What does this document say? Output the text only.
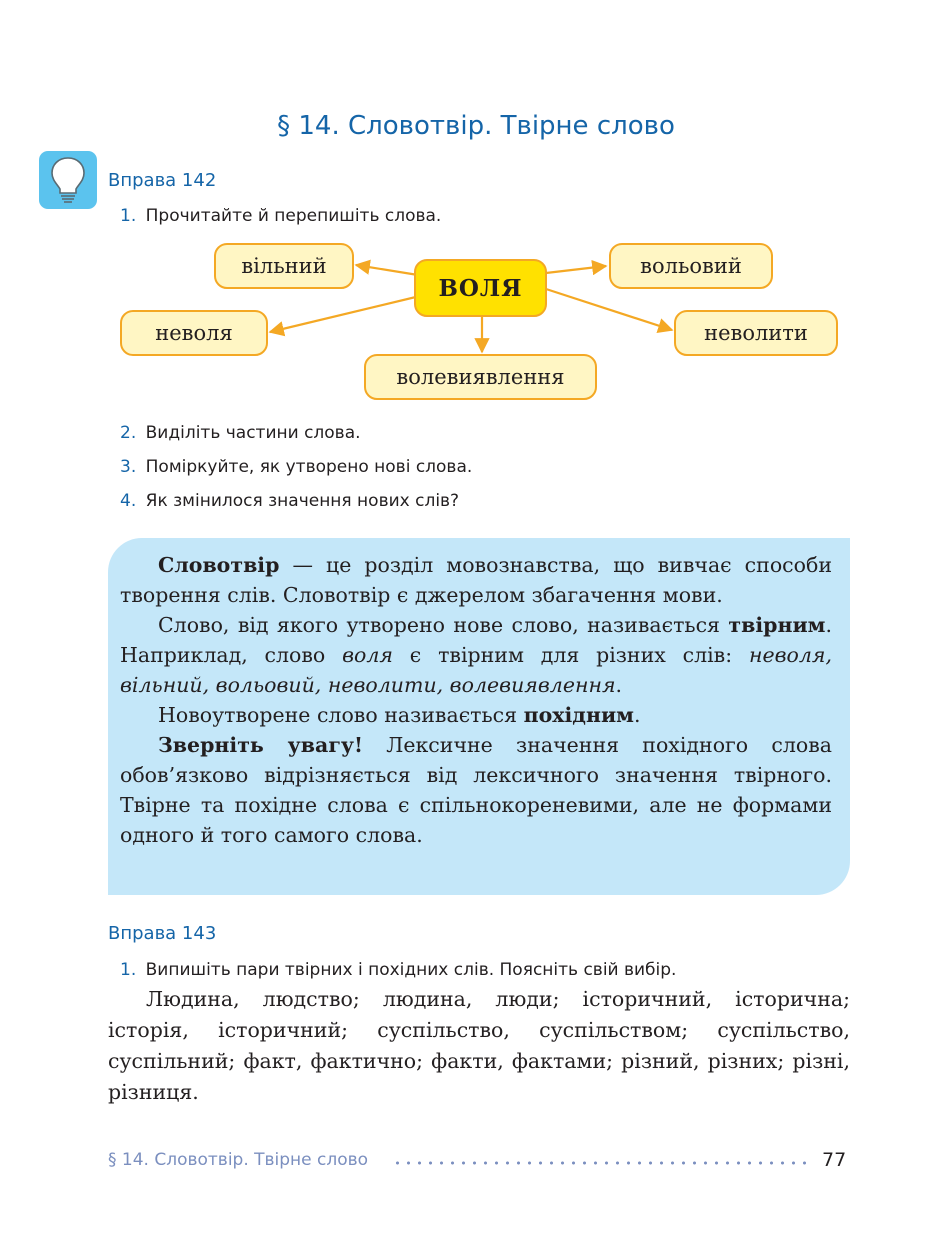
§ 14. Словотвір. Твірне слово
Вправа 142
1. Прочитайте й перепишіть слова.
ВОЛЯ
вільний	вольовий
неволя	неволити
волевиявлення
2. Виділіть частини слова.
3. Поміркуйте, як утворено нові слова.
4. Як змінилося значення нових слів?

Словотвір — це розділ мовознавства, що вивчає способи творення слів. Словотвір є джерелом збагачення мови.

Слово, від якого утворено нове слово, називається твірним. Наприклад, слово воля є твірним для різних слів: неволя, вільний, вольовий, неволити, волевиявлення.

Новоутворене слово називається похідним.

Зверніть увагу! Лексичне значення похідного слова обов’язково відрізняється від лексичного значення твірного. Твірне та похідне слова є спільнокореневими, але не формами одного й того самого слова.

Вправа 143
1. Випишіть пари твірних і похідних слів. Поясніть свій вибір.

Людина, людство; людина, люди; історичний, історична; історія, історичний; суспільство, суспільством; суспільство, суспільний; факт, фактично; факти, фактами; різний, різних; різні, різниця.

§ 14. Словотвір. Твірне слово	77
